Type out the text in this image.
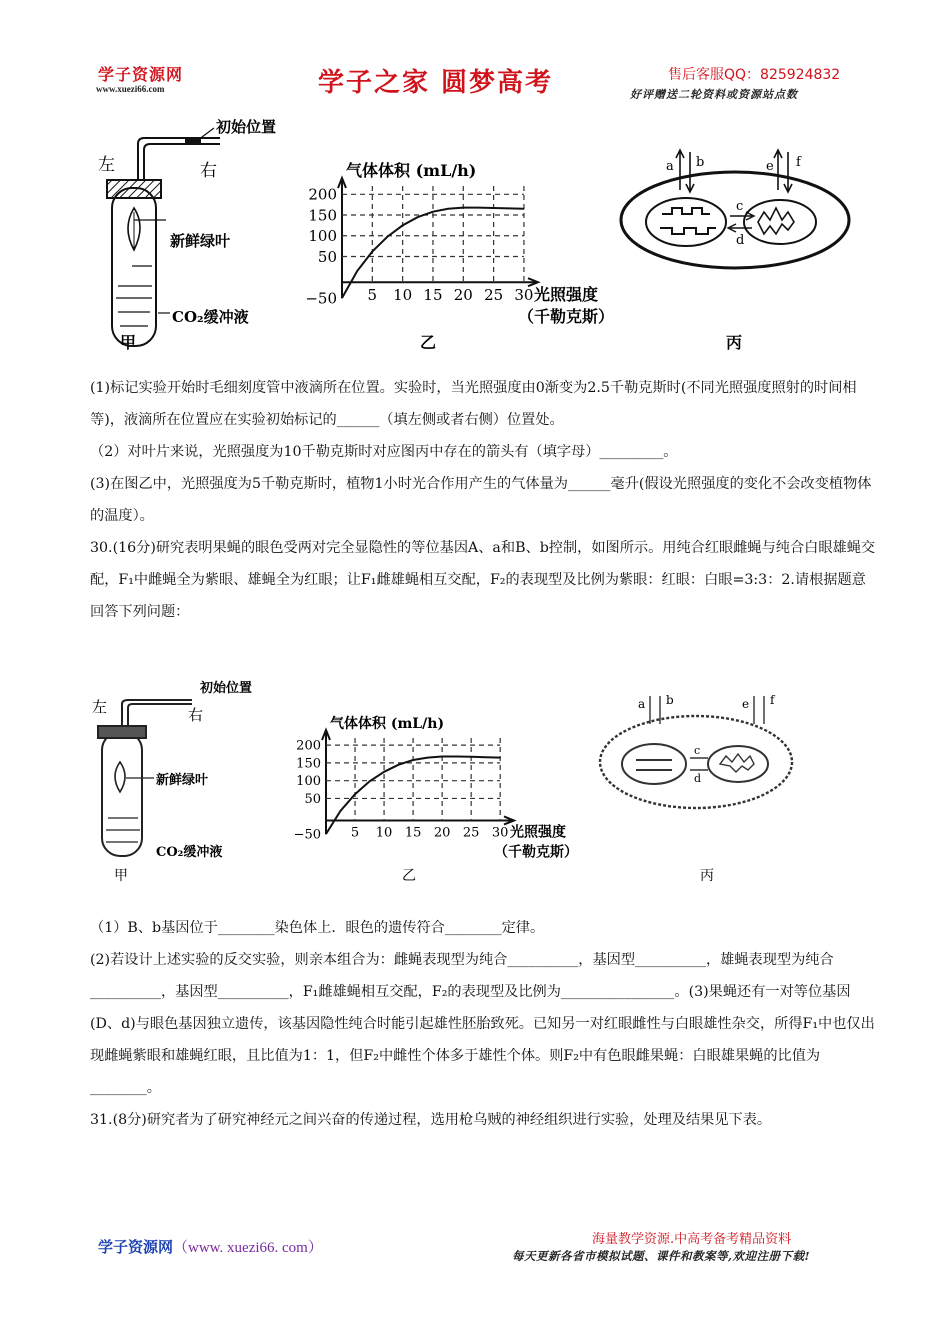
学子资源网
www.xuezi66.com	学子之家 圆梦高考	售后客服QQ：825924832
好评赠送二轮资料或资源站点数
左	右
初始位置
新鲜绿叶
CO₂缓冲液
甲
−50
50
100
150
200
5 10 15 20 25 30
气体体积 (mL/h)
光照强度
（千勒克斯）
乙
a b	e f
c
d
丙

(1)标记实验开始时毛细刻度管中液滴所在位置。实验时，当光照强度由0渐变为2.5千勒克斯时(不同光照强度照射的时间相等)，液滴所在位置应在实验初始标记的______（填左侧或者右侧）位置处。

（2）对叶片来说，光照强度为10千勒克斯时对应图丙中存在的箭头有（填字母）_________。

(3)在图乙中，光照强度为5千勒克斯时，植物1小时光合作用产生的气体量为______毫升(假设光照强度的变化不会改变植物体的温度）。

30.(16分)研究表明果蝇的眼色受两对完全显隐性的等位基因A、a和B、b控制，如图所示。用纯合红眼雌蝇与纯合白眼雄蝇交配，F₁中雌蝇全为紫眼、雄蝇全为红眼；让F₁雌雄蝇相互交配，F₂的表现型及比例为紫眼：红眼：白眼=3:3：2.请根据题意回答下列问题：

左	右
初始位置
新鲜绿叶
CO₂缓冲液
甲
−50
50
100
150
200
5 10 15 20 25 30
气体体积 (mL/h)
光照强度
（千勒克斯）
乙
a b	e f
c
d
丙

（1）B、b基因位于________染色体上．眼色的遗传符合________定律。

(2)若设计上述实验的反交实验，则亲本组合为：雌蝇表现型为纯合__________，基因型__________，雄蝇表现型为纯合__________，基因型__________，F₁雌雄蝇相互交配，F₂的表现型及比例为________________。(3)果蝇还有一对等位基因(D、d)与眼色基因独立遗传，该基因隐性纯合时能引起雄性胚胎致死。已知另一对红眼雌性与白眼雄性杂交，所得F₁中也仅出现雌蝇紫眼和雄蝇红眼，且比值为1：1，但F₂中雌性个体多于雄性个体。则F₂中有色眼雌果蝇：白眼雄果蝇的比值为________。

31.(8分)研究者为了研究神经元之间兴奋的传递过程，选用枪乌贼的神经组织进行实验，处理及结果见下表。

学子资源网（www. xuezi66. com）
海量教学资源.中高考备考精品资料
每天更新各省市模拟试题、课件和教案等,欢迎注册下载!
